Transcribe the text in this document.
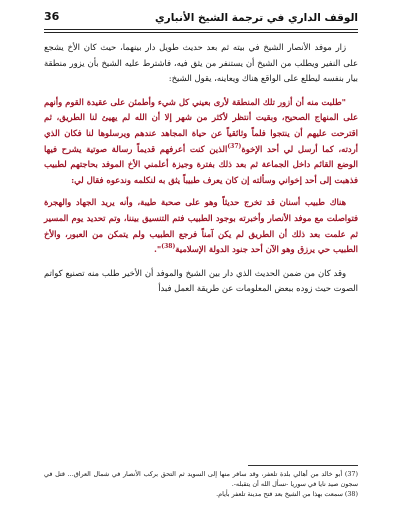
الوقف الداري في ترجمة الشيخ الأنباري
36

زار موفد الأنصار الشيخ في بيته ثم بعد حديث طويل دار بينهما، حيث كان الأخ يشجع على النفير ويطلب من الشيخ أن يستنفر من يثق فيه، فاشترط عليه الشيخ بأن يزور منطقة بيار بنفسه ليطلع على الواقع هناك ويعاينه، يقول الشيخ:

"طلبت منه أن أزور تلك المنطقة لأرى بعيني كل شيء وأطمئن على عقيدة القوم وأنهم على المنهاج الصحيح، وبقيت أنتظر لأكثر من شهر إلا أن الله لم يهيئ لنا الطريق، ثم اقترحت عليهم أن ينتجوا فلماً وثائقياً عن حياة المجاهد عندهم ويرسلوها لنا فكان الذي أردته، كما أرسل لي أحد الإخوة$^{(37)}$الذين كنت أعرفهم قديماً رسالة صوتية يشرح فيها الوضع القائم داخل الجماعة ثم بعد ذلك بفترة وجيزة أعلمني الأخ الموفد بحاجتهم لطبيب فذهبت إلى أحد إخواني وسألته إن كان يعرف طبيباً يثق به لنكلمه وندعوه فقال لي:

هناك طبيب أسنان قد تخرج حديثاً وهو على صحبة طيبة، وأنه يريد الجهاد والهجرة فتواصلت مع موفد الأنصار وأخبرته بوجود الطبيب فتم التنسيق بيننا، وتم تحديد يوم المسير ثم علمت بعد ذلك أن الطريق لم يكن آمناً فرجع الطبيب ولم يتمكن من العبور، والأخ الطبيب حي يرزق وهو الآن أحد جنود الدولة الإسلامية$^{(38)}$".

وقد كان من ضمن الحديث الذي دار بين الشيخ والموفد أن الأخير طلب منه تصنيع كواتم الصوت حيث زوده ببعض المعلومات عن طريقة العمل فبدأ

(37) أبو خالد من أهالي بلدة تلعفر، وقد سافر منها إلى السويد ثم التحق بركب الأنصار في شمال العراق... قتل في سجون صيد نايا في سوريا -نسأل الله أن يتقبله-.

(38) سمعت بهذا من الشيخ بعد فتح مدينة تلعفر بأيام.
